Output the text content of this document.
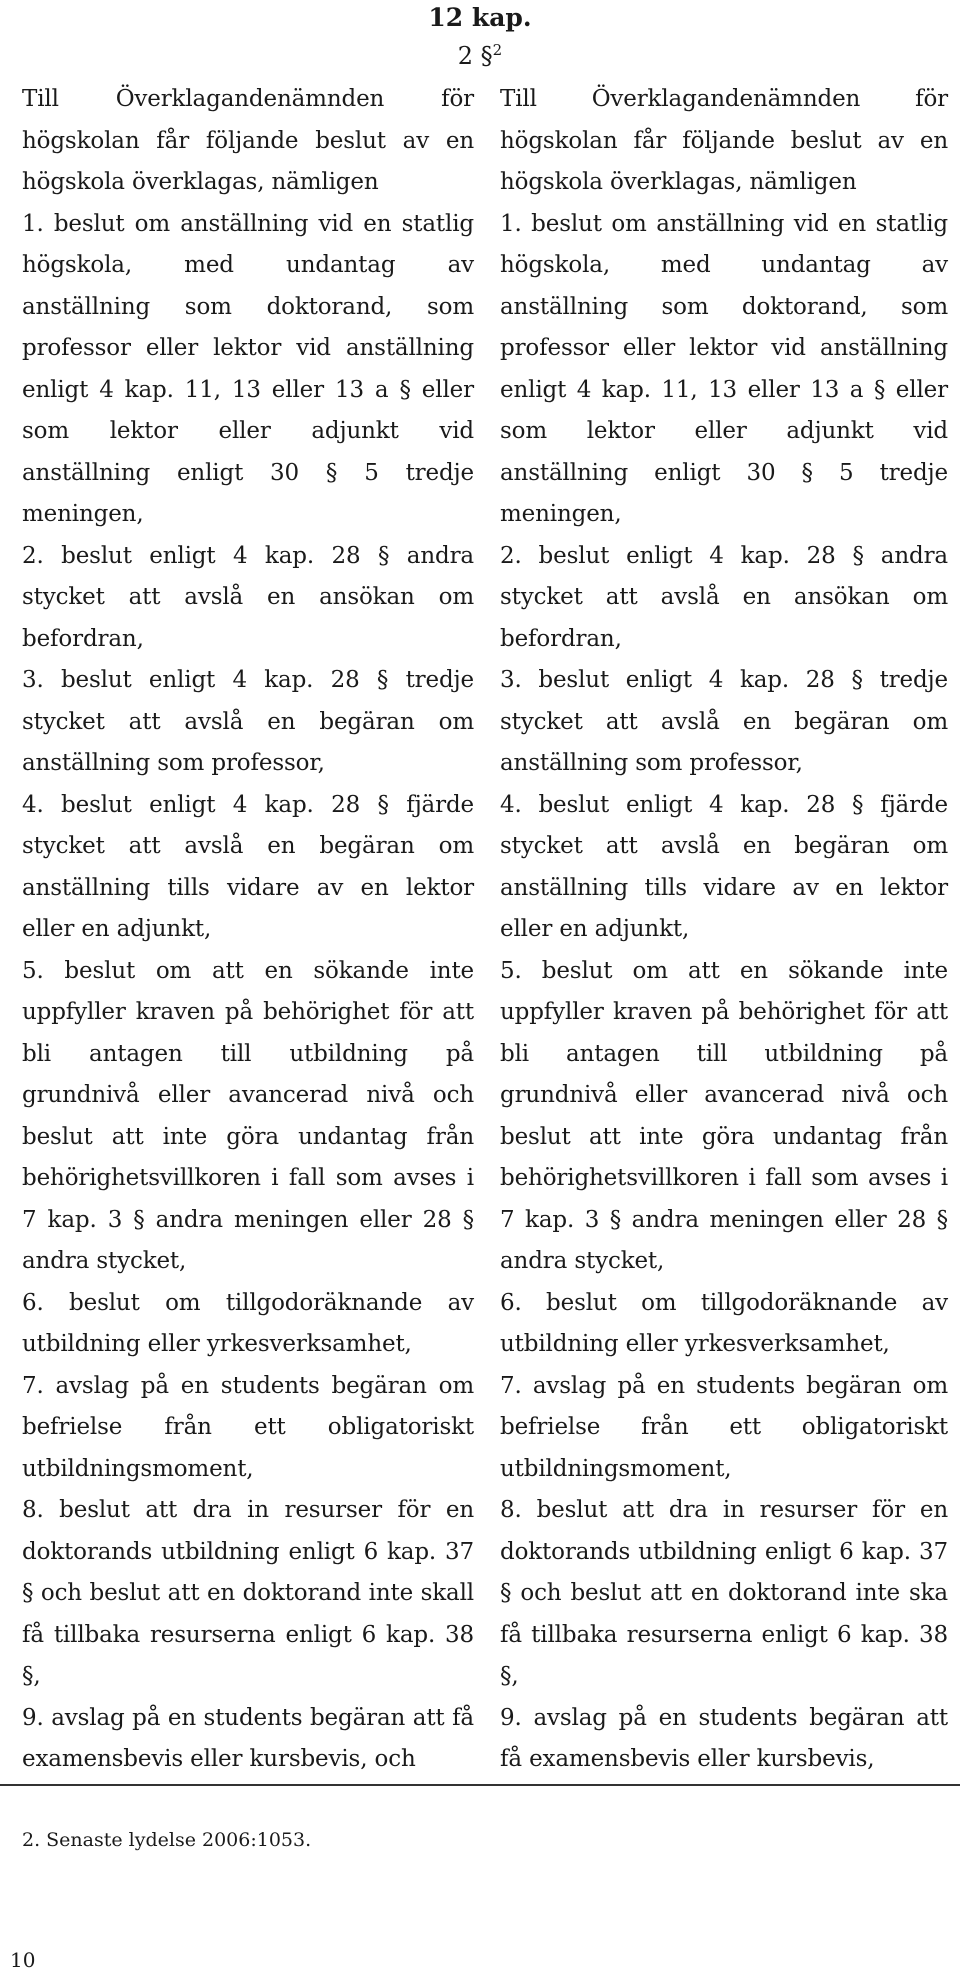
12 kap.
2 §$^2$

Till Överklagandenämnden för högskolan får följande beslut av en högskola överklagas, nämligen

1. beslut om anställning vid en statlig högskola, med undantag av anställning som doktorand, som professor eller lektor vid anställning enligt 4 kap. 11, 13 eller 13 a § eller som lektor eller adjunkt vid anställning enligt 30 § 5 tredje meningen,

2. beslut enligt 4 kap. 28 § andra stycket att avslå en ansökan om befordran,

3. beslut enligt 4 kap. 28 § tredje stycket att avslå en begäran om anställning som professor,

4. beslut enligt 4 kap. 28 § fjärde stycket att avslå en begäran om anställning tills vidare av en lektor eller en adjunkt,

5. beslut om att en sökande inte uppfyller kraven på behörighet för att bli antagen till utbildning på grundnivå eller avancerad nivå och beslut att inte göra undantag från behörighetsvillkoren i fall som avses i 7 kap. 3 § andra meningen eller 28 § andra stycket,

6. beslut om tillgodoräknande av utbildning eller yrkesverksamhet,

7. avslag på en students begäran om befrielse från ett obligatoriskt utbildningsmoment,

8. beslut att dra in resurser för en doktorands utbildning enligt 6 kap. 37 § och beslut att en doktorand inte skall få tillbaka resurserna enligt 6 kap. 38 §,

9. avslag på en students begäran att få examensbevis eller kursbevis, och

Till Överklagandenämnden för högskolan får följande beslut av en högskola överklagas, nämligen

1. beslut om anställning vid en statlig högskola, med undantag av anställning som doktorand, som professor eller lektor vid anställning enligt 4 kap. 11, 13 eller 13 a § eller som lektor eller adjunkt vid anställning enligt 30 § 5 tredje meningen,

2. beslut enligt 4 kap. 28 § andra stycket att avslå en ansökan om befordran,

3. beslut enligt 4 kap. 28 § tredje stycket att avslå en begäran om anställning som professor,

4. beslut enligt 4 kap. 28 § fjärde stycket att avslå en begäran om anställning tills vidare av en lektor eller en adjunkt,

5. beslut om att en sökande inte uppfyller kraven på behörighet för att bli antagen till utbildning på grundnivå eller avancerad nivå och beslut att inte göra undantag från behörighetsvillkoren i fall som avses i 7 kap. 3 § andra meningen eller 28 § andra stycket,

6. beslut om tillgodoräknande av utbildning eller yrkesverksamhet,

7. avslag på en students begäran om befrielse från ett obligatoriskt utbildningsmoment,

8. beslut att dra in resurser för en doktorands utbildning enligt 6 kap. 37 § och beslut att en doktorand inte ska få tillbaka resurserna enligt 6 kap. 38 §,

9. avslag på en students begäran att få examensbevis eller kursbevis,

2. Senaste lydelse 2006:1053.
10
